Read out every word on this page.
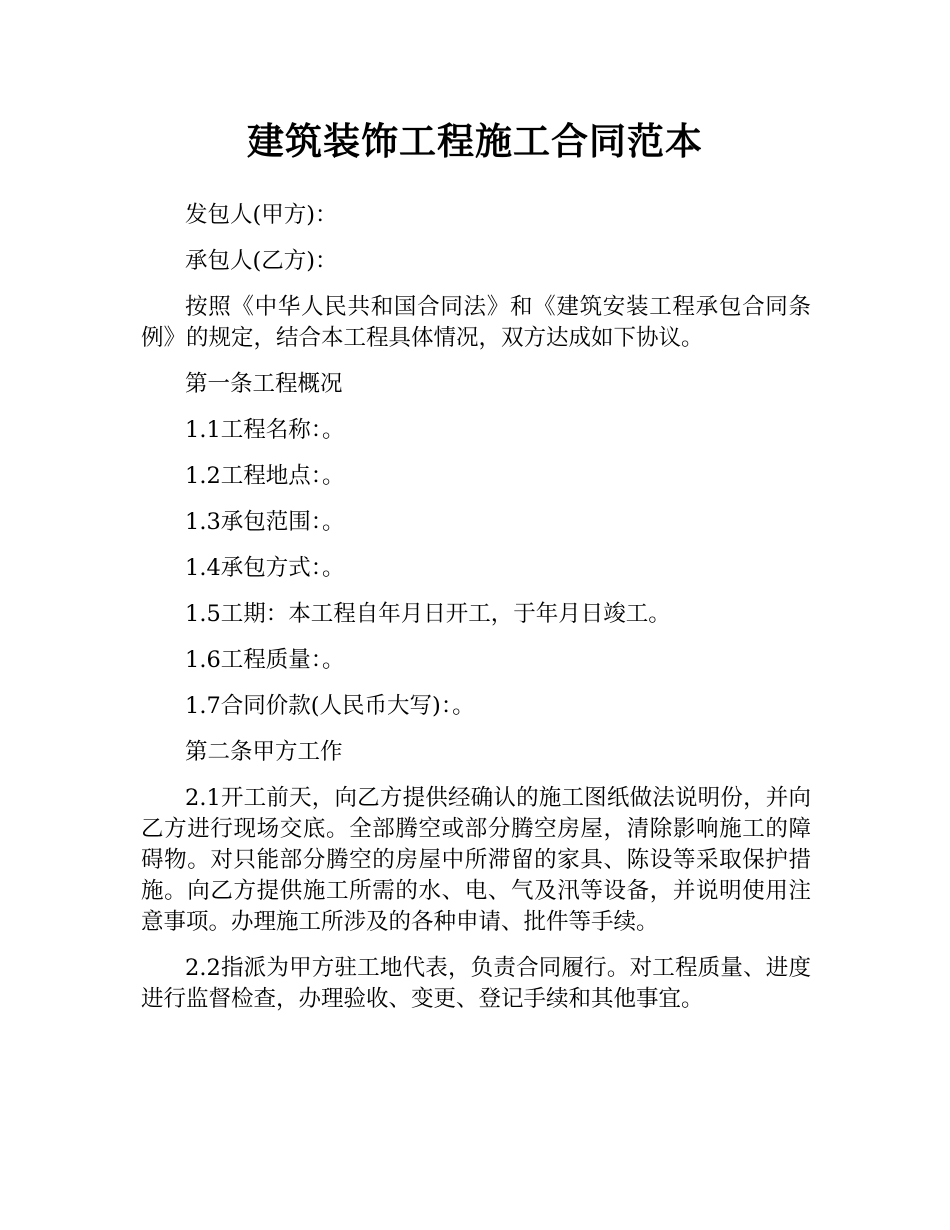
建筑装饰工程施工合同范本

发包人(甲方)：

承包人(乙方)：

按照《中华人民共和国合同法》和《建筑安装工程承包合同条例》的规定，结合本工程具体情况，双方达成如下协议。

第一条工程概况

1.1工程名称：。

1.2工程地点：。

1.3承包范围：。

1.4承包方式：。

1.5工期：本工程自年月日开工，于年月日竣工。

1.6工程质量：。

1.7合同价款(人民币大写)：。

第二条甲方工作

2.1开工前天，向乙方提供经确认的施工图纸做法说明份，并向乙方进行现场交底。全部腾空或部分腾空房屋，清除影响施工的障碍物。对只能部分腾空的房屋中所滞留的家具、陈设等采取保护措施。向乙方提供施工所需的水、电、气及汛等设备，并说明使用注意事项。办理施工所涉及的各种申请、批件等手续。

2.2指派为甲方驻工地代表，负责合同履行。对工程质量、进度进行监督检查，办理验收、变更、登记手续和其他事宜。
